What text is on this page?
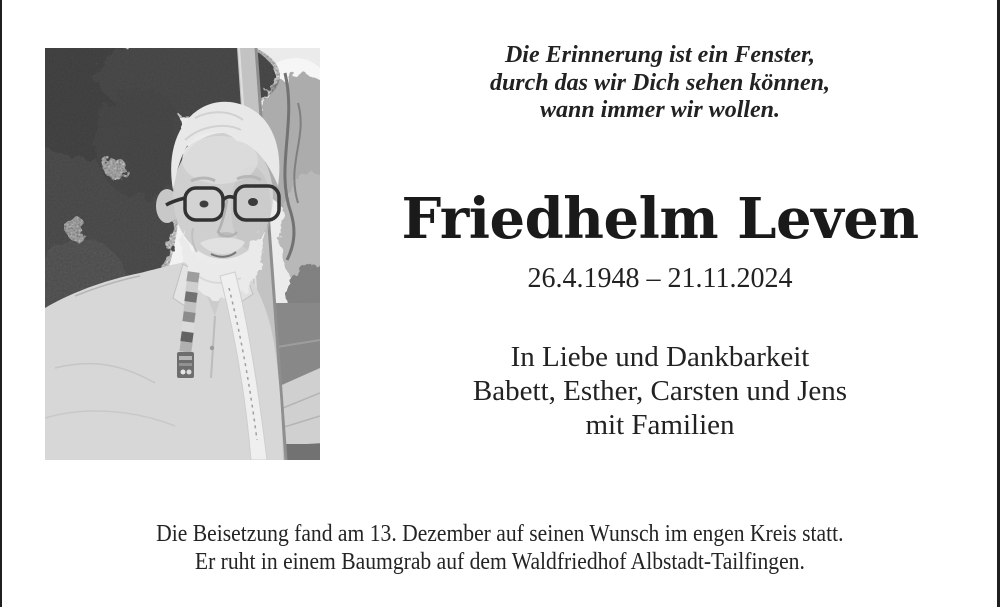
Die Erinnerung ist ein Fenster,
durch das wir Dich sehen können,
wann immer wir wollen.
Friedhelm Leven
26.4.1948 – 21.11.2024
In Liebe und Dankbarkeit
Babett, Esther, Carsten und Jens
mit Familien
Die Beisetzung fand am 13. Dezember auf seinen Wunsch im engen Kreis statt.
Er ruht in einem Baumgrab auf dem Waldfriedhof Albstadt-Tailfingen.
